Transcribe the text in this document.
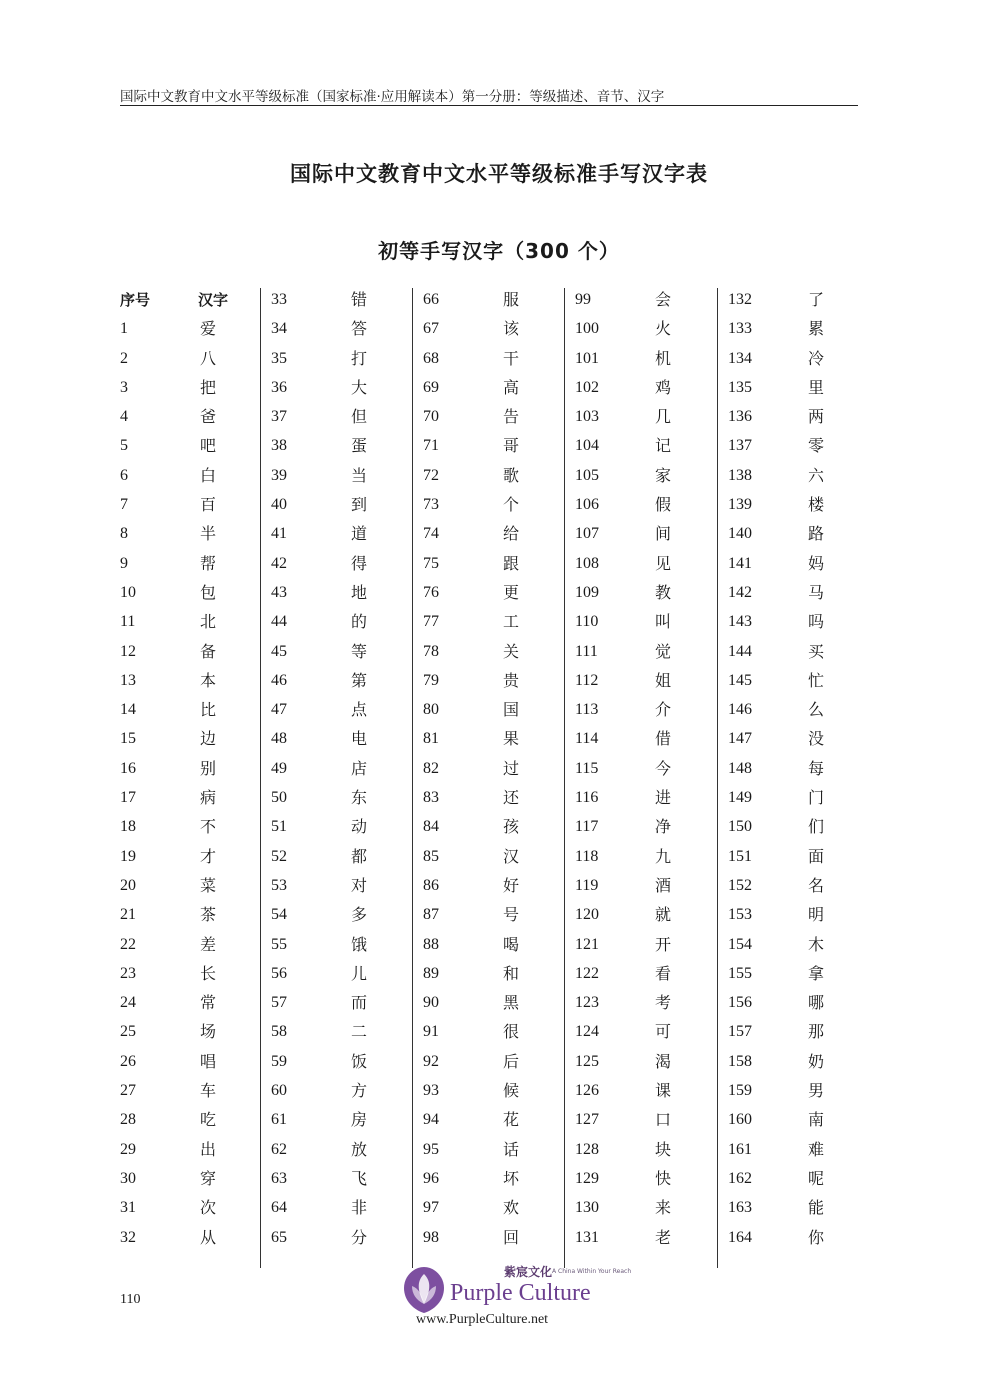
国际中文教育中文水平等级标准（国家标准·应用解读本）第一分册：等级描述、音节、汉字
国际中文教育中文水平等级标准手写汉字表
初等手写汉字（300 个）
序号	汉字
1	爱
2	八
3	把
4	爸
5	吧
6	白
7	百
8	半
9	帮
10	包
11	北
12	备
13	本
14	比
15	边
16	别
17	病
18	不
19	才
20	菜
21	茶
22	差
23	长
24	常
25	场
26	唱
27	车
28	吃
29	出
30	穿
31	次
32	从
33	错
34	答
35	打
36	大
37	但
38	蛋
39	当
40	到
41	道
42	得
43	地
44	的
45	等
46	第
47	点
48	电
49	店
50	东
51	动
52	都
53	对
54	多
55	饿
56	儿
57	而
58	二
59	饭
60	方
61	房
62	放
63	飞
64	非
65	分
66	服
67	该
68	干
69	高
70	告
71	哥
72	歌
73	个
74	给
75	跟
76	更
77	工
78	关
79	贵
80	国
81	果
82	过
83	还
84	孩
85	汉
86	好
87	号
88	喝
89	和
90	黑
91	很
92	后
93	候
94	花
95	话
96	坏
97	欢
98	回
99	会
100	火
101	机
102	鸡
103	几
104	记
105	家
106	假
107	间
108	见
109	教
110	叫
111	觉
112	姐
113	介
114	借
115	今
116	进
117	净
118	九
119	酒
120	就
121	开
122	看
123	考
124	可
125	渴
126	课
127	口
128	块
129	快
130	来
131	老
132	了
133	累
134	冷
135	里
136	两
137	零
138	六
139	楼
140	路
141	妈
142	马
143	吗
144	买
145	忙
146	么
147	没
148	每
149	门
150	们
151	面
152	名
153	明
154	木
155	拿
156	哪
157	那
158	奶
159	男
160	南
161	难
162	呢
163	能
164	你
110
紫宸文化 A China Within Your Reach
Purple Culture
www.PurpleCulture.net
